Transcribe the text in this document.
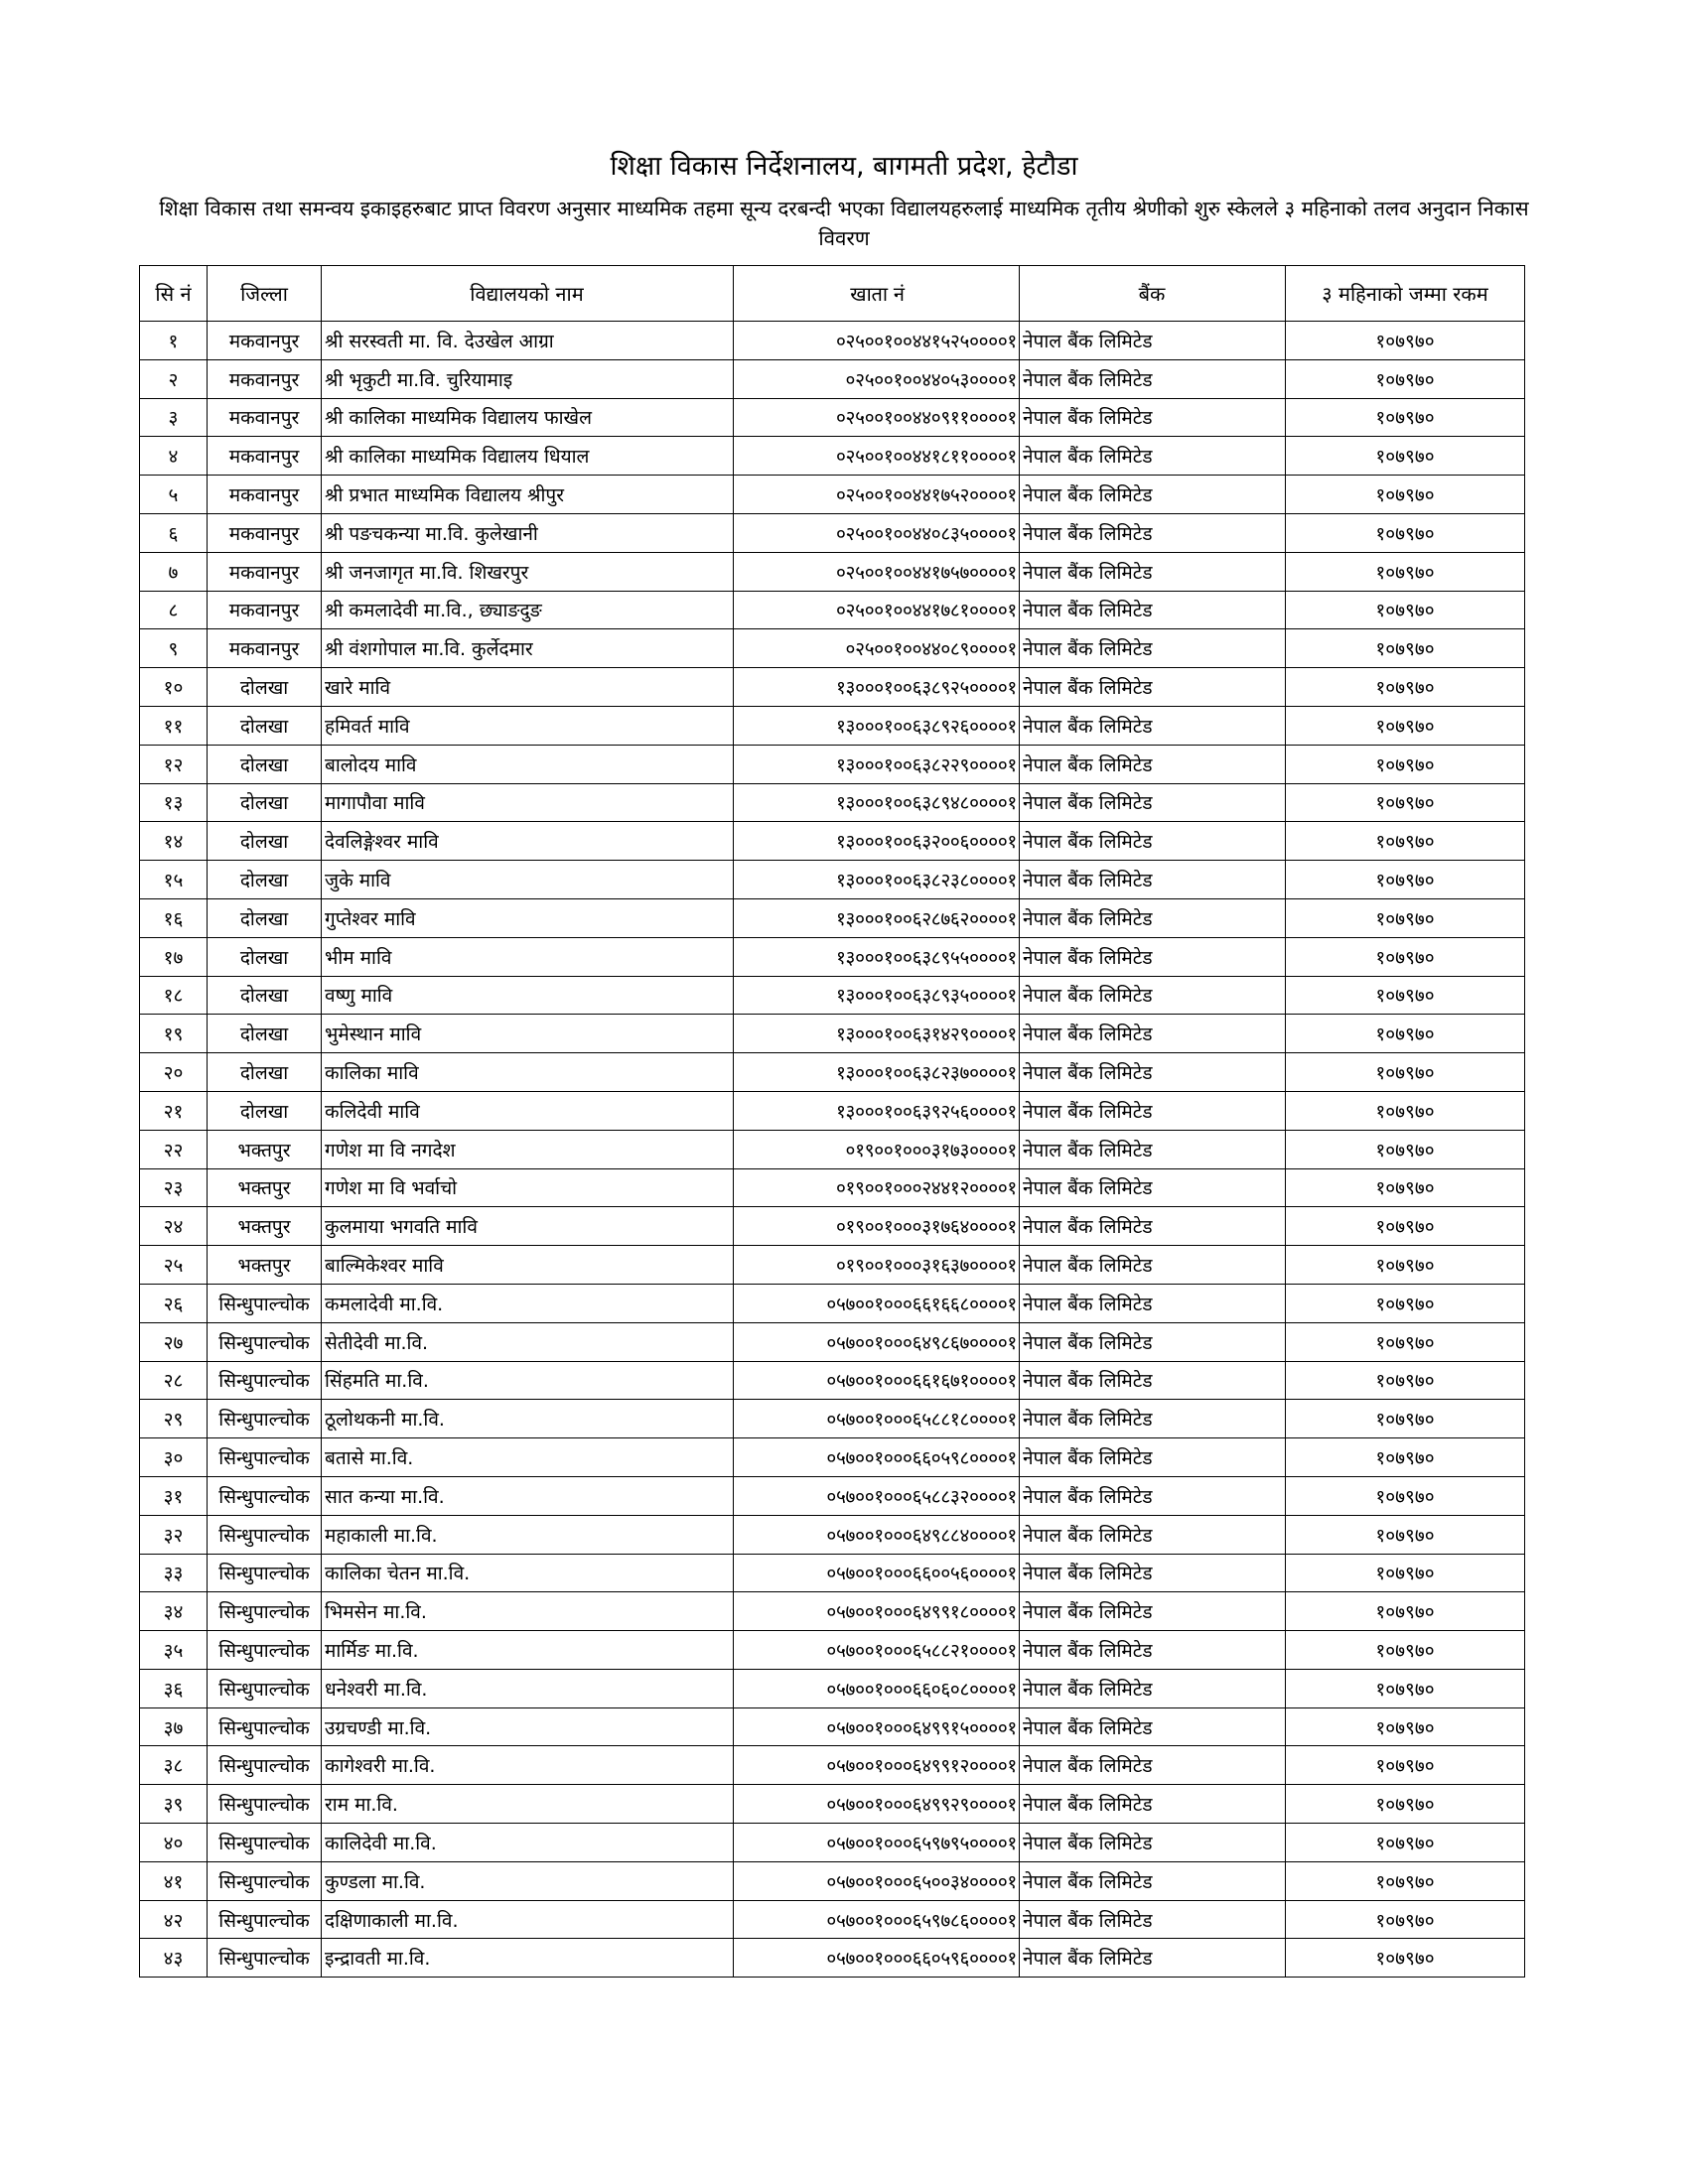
शिक्षा विकास निर्देशनालय, बागमती प्रदेश, हेटौडा
शिक्षा विकास तथा समन्वय इकाइहरुबाट प्राप्त विवरण अनुसार माध्यमिक तहमा सून्य दरबन्दी भएका विद्यालयहरुलाई माध्यमिक तृतीय श्रेणीको शुरु स्केलले ३ महिनाको तलव अनुदान निकास विवरण
सि नं	जिल्ला	विद्यालयको नाम	खाता नं	बैंक	३ महिनाको जम्मा रकम
१	मकवानपुर	श्री सरस्वती मा. वि. देउखेल आग्रा	०२५००१००४४१५२५००००१	नेपाल बैंक लिमिटेड	१०७९७०
२	मकवानपुर	श्री भृकुटी मा.वि. चुरियामाइ	०२५००१००४४०५३००००१	नेपाल बैंक लिमिटेड	१०७९७०
३	मकवानपुर	श्री कालिका माध्यमिक विद्यालय फाखेल	०२५००१००४४०९११००००१	नेपाल बैंक लिमिटेड	१०७९७०
४	मकवानपुर	श्री कालिका माध्यमिक विद्यालय धियाल	०२५००१००४४१८११००००१	नेपाल बैंक लिमिटेड	१०७९७०
५	मकवानपुर	श्री प्रभात माध्यमिक विद्यालय श्रीपुर	०२५००१००४४१७५२००००१	नेपाल बैंक लिमिटेड	१०७९७०
६	मकवानपुर	श्री पङचकन्या मा.वि. कुलेखानी	०२५००१००४४०८३५००००१	नेपाल बैंक लिमिटेड	१०७९७०
७	मकवानपुर	श्री जनजागृत मा.वि. शिखरपुर	०२५००१००४४१७५७००००१	नेपाल बैंक लिमिटेड	१०७९७०
८	मकवानपुर	श्री कमलादेवी मा.वि., छ्याङदुङ	०२५००१००४४१७८१००००१	नेपाल बैंक लिमिटेड	१०७९७०
९	मकवानपुर	श्री वंशगोपाल मा.वि. कुर्लेदमार	०२५००१००४४०८९००००१	नेपाल बैंक लिमिटेड	१०७९७०
१०	दोलखा	खारे मावि	१३०००१००६३८९२५००००१	नेपाल बैंक लिमिटेड	१०७९७०
११	दोलखा	हमिवर्त मावि	१३०००१००६३८९२६००००१	नेपाल बैंक लिमिटेड	१०७९७०
१२	दोलखा	बालोदय मावि	१३०००१००६३८२२९००००१	नेपाल बैंक लिमिटेड	१०७९७०
१३	दोलखा	मागापौवा मावि	१३०००१००६३८९४८००००१	नेपाल बैंक लिमिटेड	१०७९७०
१४	दोलखा	देवलिङ्गेश्वर मावि	१३०००१००६३२००६००००१	नेपाल बैंक लिमिटेड	१०७९७०
१५	दोलखा	जुके मावि	१३०००१००६३८२३८००००१	नेपाल बैंक लिमिटेड	१०७९७०
१६	दोलखा	गुप्तेश्वर मावि	१३०००१००६२८७६२००००१	नेपाल बैंक लिमिटेड	१०७९७०
१७	दोलखा	भीम मावि	१३०००१००६३८९५५००००१	नेपाल बैंक लिमिटेड	१०७९७०
१८	दोलखा	वष्णु मावि	१३०००१००६३८९३५००००१	नेपाल बैंक लिमिटेड	१०७९७०
१९	दोलखा	भुमेस्थान मावि	१३०००१००६३१४२९००००१	नेपाल बैंक लिमिटेड	१०७९७०
२०	दोलखा	कालिका मावि	१३०००१००६३८२३७००००१	नेपाल बैंक लिमिटेड	१०७९७०
२१	दोलखा	कलिदेवी मावि	१३०००१००६३९२५६००००१	नेपाल बैंक लिमिटेड	१०७९७०
२२	भक्तपुर	गणेश मा वि नगदेश	०१९००१०००३१७३००००१	नेपाल बैंक लिमिटेड	१०७९७०
२३	भक्तपुर	गणेश मा वि भर्वाचो	०१९००१०००२४४१२००००१	नेपाल बैंक लिमिटेड	१०७९७०
२४	भक्तपुर	कुलमाया भगवति मावि	०१९००१०००३१७६४००००१	नेपाल बैंक लिमिटेड	१०७९७०
२५	भक्तपुर	बाल्मिकेश्वर मावि	०१९००१०००३१६३७००००१	नेपाल बैंक लिमिटेड	१०७९७०
२६	सिन्धुपाल्चोक	कमलादेवी मा.वि.	०५७००१०००६६१६६८००००१	नेपाल बैंक लिमिटेड	१०७९७०
२७	सिन्धुपाल्चोक	सेतीदेवी मा.वि.	०५७००१०००६४९८६७००००१	नेपाल बैंक लिमिटेड	१०७९७०
२८	सिन्धुपाल्चोक	सिंहमति मा.वि.	०५७००१०००६६१६७१००००१	नेपाल बैंक लिमिटेड	१०७९७०
२९	सिन्धुपाल्चोक	ठूलोथकनी मा.वि.	०५७००१०००६५८८१८००००१	नेपाल बैंक लिमिटेड	१०७९७०
३०	सिन्धुपाल्चोक	बतासे मा.वि.	०५७००१०००६६०५९८००००१	नेपाल बैंक लिमिटेड	१०७९७०
३१	सिन्धुपाल्चोक	सात कन्या मा.वि.	०५७००१०००६५८८३२००००१	नेपाल बैंक लिमिटेड	१०७९७०
३२	सिन्धुपाल्चोक	महाकाली मा.वि.	०५७००१०००६४९८८४००००१	नेपाल बैंक लिमिटेड	१०७९७०
३३	सिन्धुपाल्चोक	कालिका चेतन मा.वि.	०५७००१०००६६००५६००००१	नेपाल बैंक लिमिटेड	१०७९७०
३४	सिन्धुपाल्चोक	भिमसेन मा.वि.	०५७००१०००६४९९१८००००१	नेपाल बैंक लिमिटेड	१०७९७०
३५	सिन्धुपाल्चोक	मार्मिङ मा.वि.	०५७००१०००६५८८२१००००१	नेपाल बैंक लिमिटेड	१०७९७०
३६	सिन्धुपाल्चोक	धनेश्वरी मा.वि.	०५७००१०००६६०६०८००००१	नेपाल बैंक लिमिटेड	१०७९७०
३७	सिन्धुपाल्चोक	उग्रचण्डी मा.वि.	०५७००१०००६४९९१५००००१	नेपाल बैंक लिमिटेड	१०७९७०
३८	सिन्धुपाल्चोक	कागेश्वरी मा.वि.	०५७००१०००६४९९१२००००१	नेपाल बैंक लिमिटेड	१०७९७०
३९	सिन्धुपाल्चोक	राम मा.वि.	०५७००१०००६४९९२९००००१	नेपाल बैंक लिमिटेड	१०७९७०
४०	सिन्धुपाल्चोक	कालिदेवी मा.वि.	०५७००१०००६५९७९५००००१	नेपाल बैंक लिमिटेड	१०७९७०
४१	सिन्धुपाल्चोक	कुण्डला मा.वि.	०५७००१०००६५००३४००००१	नेपाल बैंक लिमिटेड	१०७९७०
४२	सिन्धुपाल्चोक	दक्षिणाकाली मा.वि.	०५७००१०००६५९७८६००००१	नेपाल बैंक लिमिटेड	१०७९७०
४३	सिन्धुपाल्चोक	इन्द्रावती मा.वि.	०५७००१०००६६०५९६००००१	नेपाल बैंक लिमिटेड	१०७९७०
